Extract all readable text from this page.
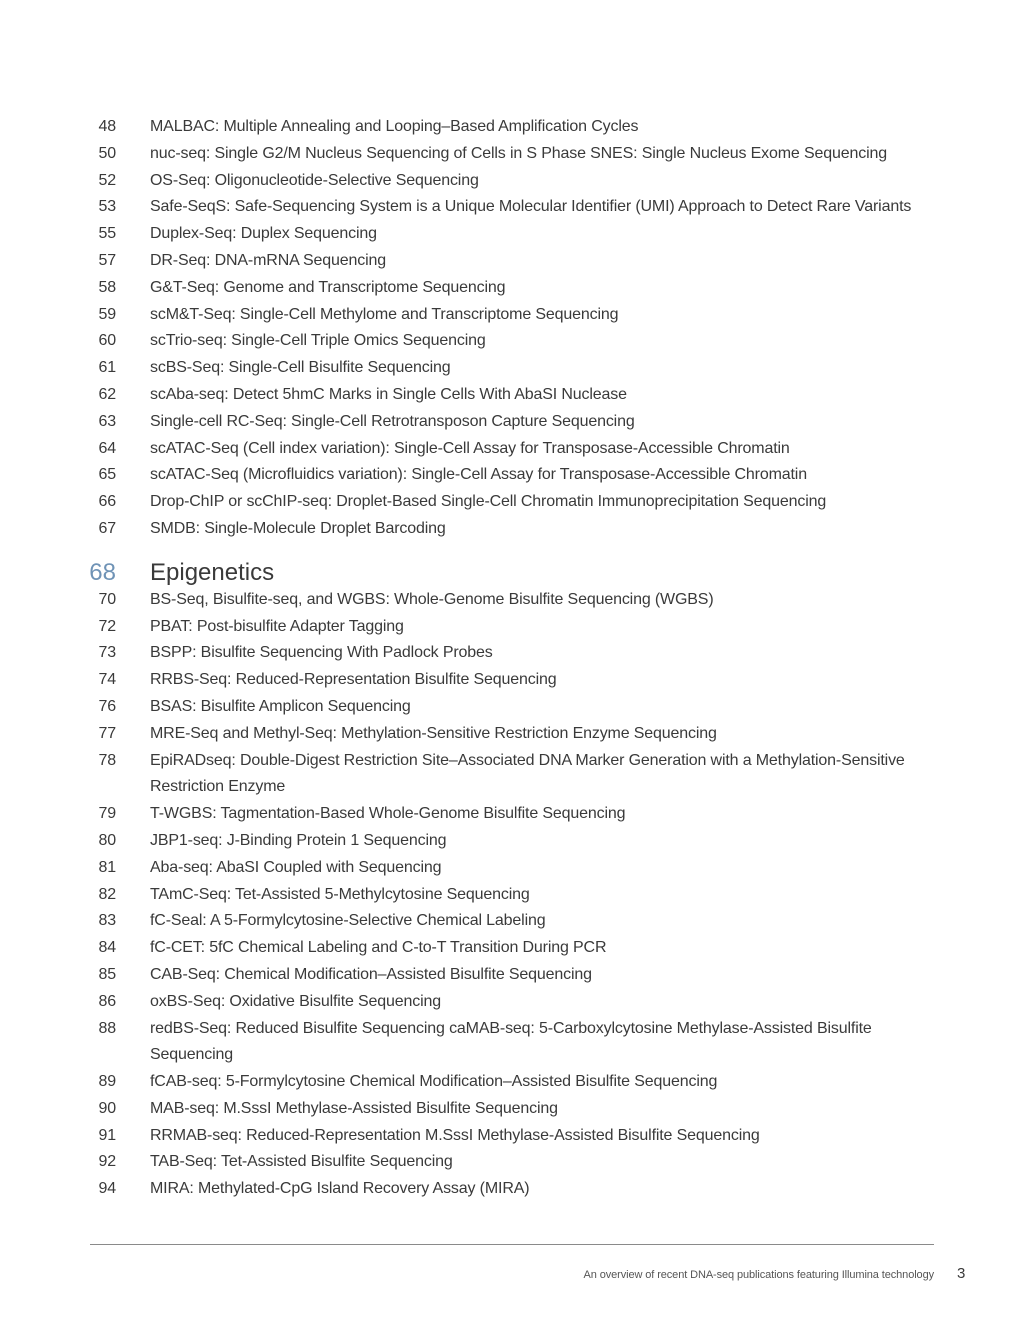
48	MALBAC: Multiple Annealing and Looping–Based Amplification Cycles
50	nuc-seq: Single G2/M Nucleus Sequencing of Cells in S Phase SNES: Single Nucleus Exome Sequencing
52	OS-Seq: Oligonucleotide-Selective Sequencing
53	Safe-SeqS: Safe-Sequencing System is a Unique Molecular Identifier (UMI) Approach to Detect Rare Variants
55	Duplex-Seq: Duplex Sequencing
57	DR-Seq: DNA-mRNA Sequencing
58	G&T-Seq: Genome and Transcriptome Sequencing
59	scM&T-Seq: Single-Cell Methylome and Transcriptome Sequencing
60	scTrio-seq: Single-Cell Triple Omics Sequencing
61	scBS-Seq: Single-Cell Bisulfite Sequencing
62	scAba-seq: Detect 5hmC Marks in Single Cells With AbaSI Nuclease
63	Single-cell RC-Seq: Single-Cell Retrotransposon Capture Sequencing
64	scATAC-Seq (Cell index variation): Single-Cell Assay for Transposase-Accessible Chromatin
65	scATAC-Seq (Microfluidics variation): Single-Cell Assay for Transposase-Accessible Chromatin
66	Drop-ChIP or scChIP-seq: Droplet-Based Single-Cell Chromatin Immunoprecipitation Sequencing
67	SMDB: Single-Molecule Droplet Barcoding
68	Epigenetics
70	BS-Seq, Bisulfite-seq, and WGBS: Whole-Genome Bisulfite Sequencing (WGBS)
72	PBAT: Post-bisulfite Adapter Tagging
73	BSPP: Bisulfite Sequencing With Padlock Probes
74	RRBS-Seq: Reduced-Representation Bisulfite Sequencing
76	BSAS: Bisulfite Amplicon Sequencing
77	MRE-Seq and Methyl-Seq: Methylation-Sensitive Restriction Enzyme Sequencing
78	EpiRADseq: Double-Digest Restriction Site–Associated DNA Marker Generation with a Methylation-Sensitive Restriction Enzyme
79	T-WGBS: Tagmentation-Based Whole-Genome Bisulfite Sequencing
80	JBP1-seq: J-Binding Protein 1 Sequencing
81	Aba-seq: AbaSI Coupled with Sequencing
82	TAmC-Seq: Tet-Assisted 5-Methylcytosine Sequencing
83	fC-Seal: A 5-Formylcytosine-Selective Chemical Labeling
84	fC-CET: 5fC Chemical Labeling and C-to-T Transition During PCR
85	CAB-Seq: Chemical Modification–Assisted Bisulfite Sequencing
86	oxBS-Seq: Oxidative Bisulfite Sequencing
88	redBS-Seq: Reduced Bisulfite Sequencing caMAB-seq: 5-Carboxylcytosine Methylase-Assisted Bisulfite Sequencing
89	fCAB-seq: 5-Formylcytosine Chemical Modification–Assisted Bisulfite Sequencing
90	MAB-seq: M.SssI Methylase-Assisted Bisulfite Sequencing
91	RRMAB-seq: Reduced-Representation M.SssI Methylase-Assisted Bisulfite Sequencing
92	TAB-Seq: Tet-Assisted Bisulfite Sequencing
94	MIRA: Methylated-CpG Island Recovery Assay (MIRA)
An overview of recent DNA-seq publications featuring Illumina technology 3
